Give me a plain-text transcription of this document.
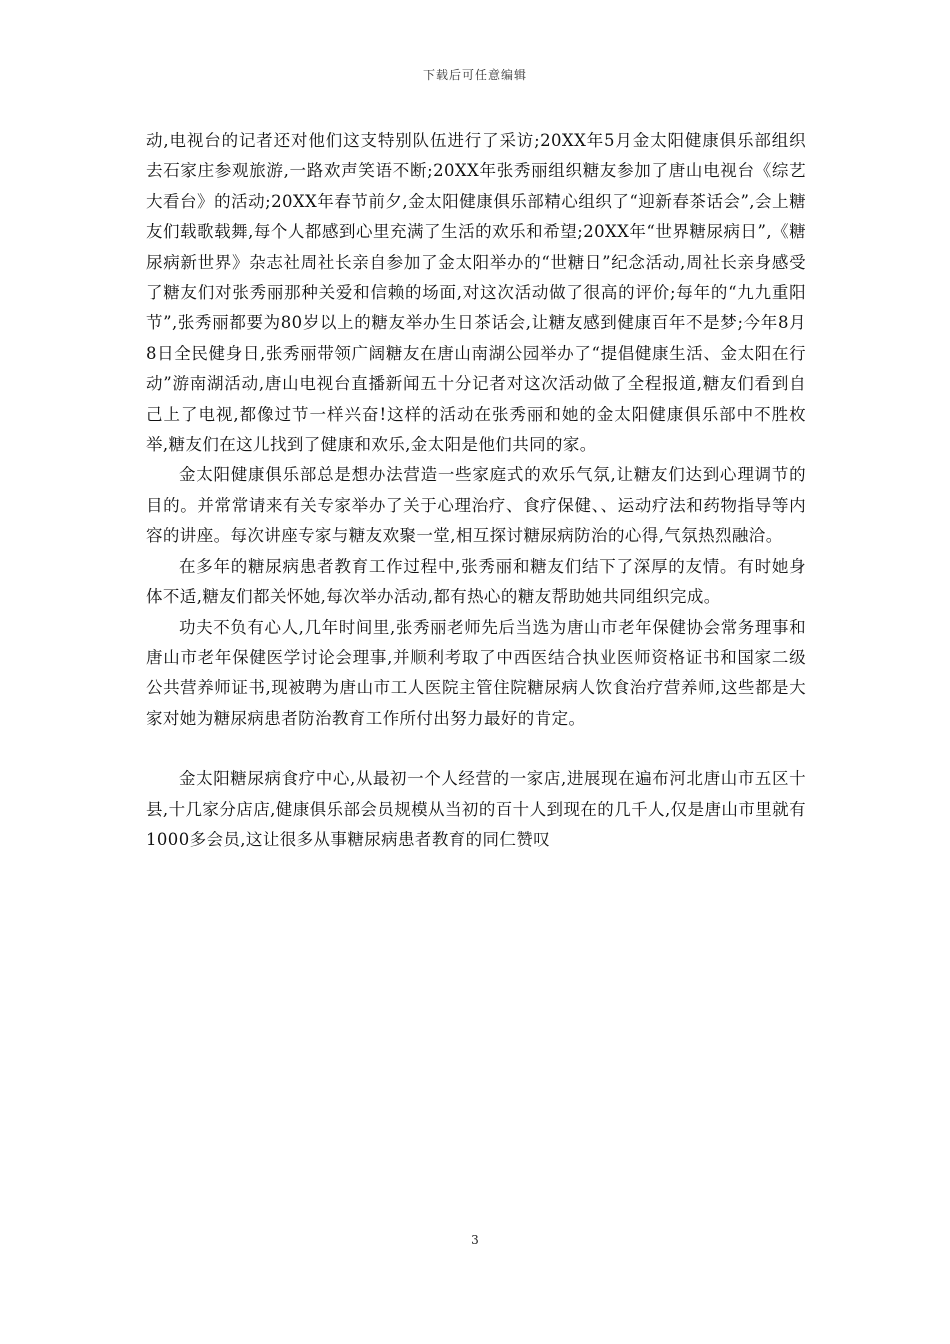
下载后可任意编辑

动,电视台的记者还对他们这支特别队伍进行了采访;20XX年5月金太阳健康俱乐部组织去石家庄参观旅游,一路欢声笑语不断;20XX年张秀丽组织糖友参加了唐山电视台《综艺大看台》的活动;20XX年春节前夕,金太阳健康俱乐部精心组织了“迎新春茶话会”,会上糖友们载歌载舞,每个人都感到心里充满了生活的欢乐和希望;20XX年“世界糖尿病日”,《糖尿病新世界》杂志社周社长亲自参加了金太阳举办的“世糖日”纪念活动,周社长亲身感受了糖友们对张秀丽那种关爱和信赖的场面,对这次活动做了很高的评价;每年的“九九重阳节”,张秀丽都要为80岁以上的糖友举办生日茶话会,让糖友感到健康百年不是梦;今年8月8日全民健身日,张秀丽带领广阔糖友在唐山南湖公园举办了“提倡健康生活、金太阳在行动”游南湖活动,唐山电视台直播新闻五十分记者对这次活动做了全程报道,糖友们看到自己上了电视,都像过节一样兴奋!这样的活动在张秀丽和她的金太阳健康俱乐部中不胜枚举,糖友们在这儿找到了健康和欢乐,金太阳是他们共同的家。

金太阳健康俱乐部总是想办法营造一些家庭式的欢乐气氛,让糖友们达到心理调节的目的。并常常请来有关专家举办了关于心理治疗、食疗保健、、运动疗法和药物指导等内容的讲座。每次讲座专家与糖友欢聚一堂,相互探讨糖尿病防治的心得,气氛热烈融洽。

在多年的糖尿病患者教育工作过程中,张秀丽和糖友们结下了深厚的友情。有时她身体不适,糖友们都关怀她,每次举办活动,都有热心的糖友帮助她共同组织完成。

功夫不负有心人,几年时间里,张秀丽老师先后当选为唐山市老年保健协会常务理事和唐山市老年保健医学讨论会理事,并顺利考取了中西医结合执业医师资格证书和国家二级公共营养师证书,现被聘为唐山市工人医院主管住院糖尿病人饮食治疗营养师,这些都是大家对她为糖尿病患者防治教育工作所付出努力最好的肯定。

金太阳糖尿病食疗中心,从最初一个人经营的一家店,进展现在遍布河北唐山市五区十县,十几家分店店,健康俱乐部会员规模从当初的百十人到现在的几千人,仅是唐山市里就有1000多会员,这让很多从事糖尿病患者教育的同仁赞叹

3
